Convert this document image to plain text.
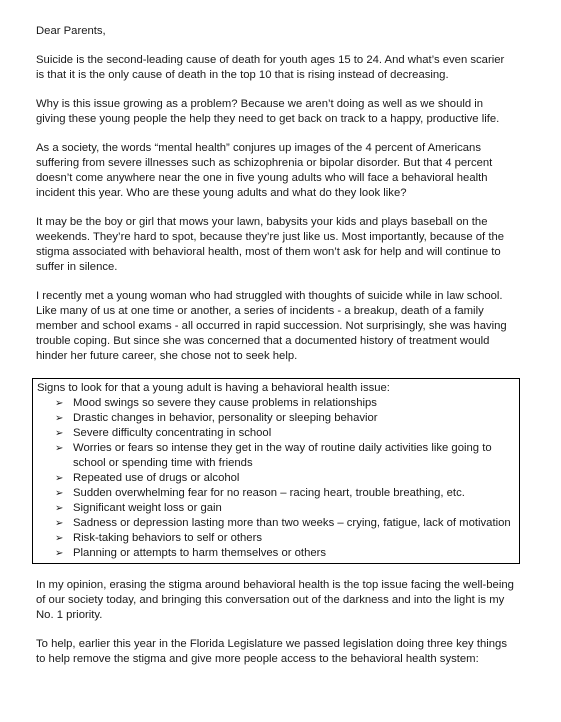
Dear Parents,

Suicide is the second-leading cause of death for youth ages 15 to 24. And what’s even scarier is that it is the only cause of death in the top 10 that is rising instead of decreasing.

Why is this issue growing as a problem? Because we aren’t doing as well as we should in giving these young people the help they need to get back on track to a happy, productive life.

As a society, the words “mental health” conjures up images of the 4 percent of Americans suffering from severe illnesses such as schizophrenia or bipolar disorder. But that 4 percent doesn’t come anywhere near the one in five young adults who will face a behavioral health incident this year. Who are these young adults and what do they look like?

It may be the boy or girl that mows your lawn, babysits your kids and plays baseball on the weekends. They’re hard to spot, because they’re just like us. Most importantly, because of the stigma associated with behavioral health, most of them won’t ask for help and will continue to suffer in silence.

I recently met a young woman who had struggled with thoughts of suicide while in law school. Like many of us at one time or another, a series of incidents - a breakup, death of a family member and school exams - all occurred in rapid succession. Not surprisingly, she was having trouble coping. But since she was concerned that a documented history of treatment would hinder her future career, she chose not to seek help.

Signs to look for that a young adult is having a behavioral health issue:

➢ Mood swings so severe they cause problems in relationships
➢ Drastic changes in behavior, personality or sleeping behavior
➢ Severe difficulty concentrating in school
➢ Worries or fears so intense they get in the way of routine daily activities like going to school or spending time with friends
➢ Repeated use of drugs or alcohol
➢ Sudden overwhelming fear for no reason – racing heart, trouble breathing, etc.
➢ Significant weight loss or gain
➢ Sadness or depression lasting more than two weeks – crying, fatigue, lack of motivation
➢ Risk-taking behaviors to self or others
➢ Planning or attempts to harm themselves or others

In my opinion, erasing the stigma around behavioral health is the top issue facing the well-being of our society today, and bringing this conversation out of the darkness and into the light is my No. 1 priority.

To help, earlier this year in the Florida Legislature we passed legislation doing three key things to help remove the stigma and give more people access to the behavioral health system:
